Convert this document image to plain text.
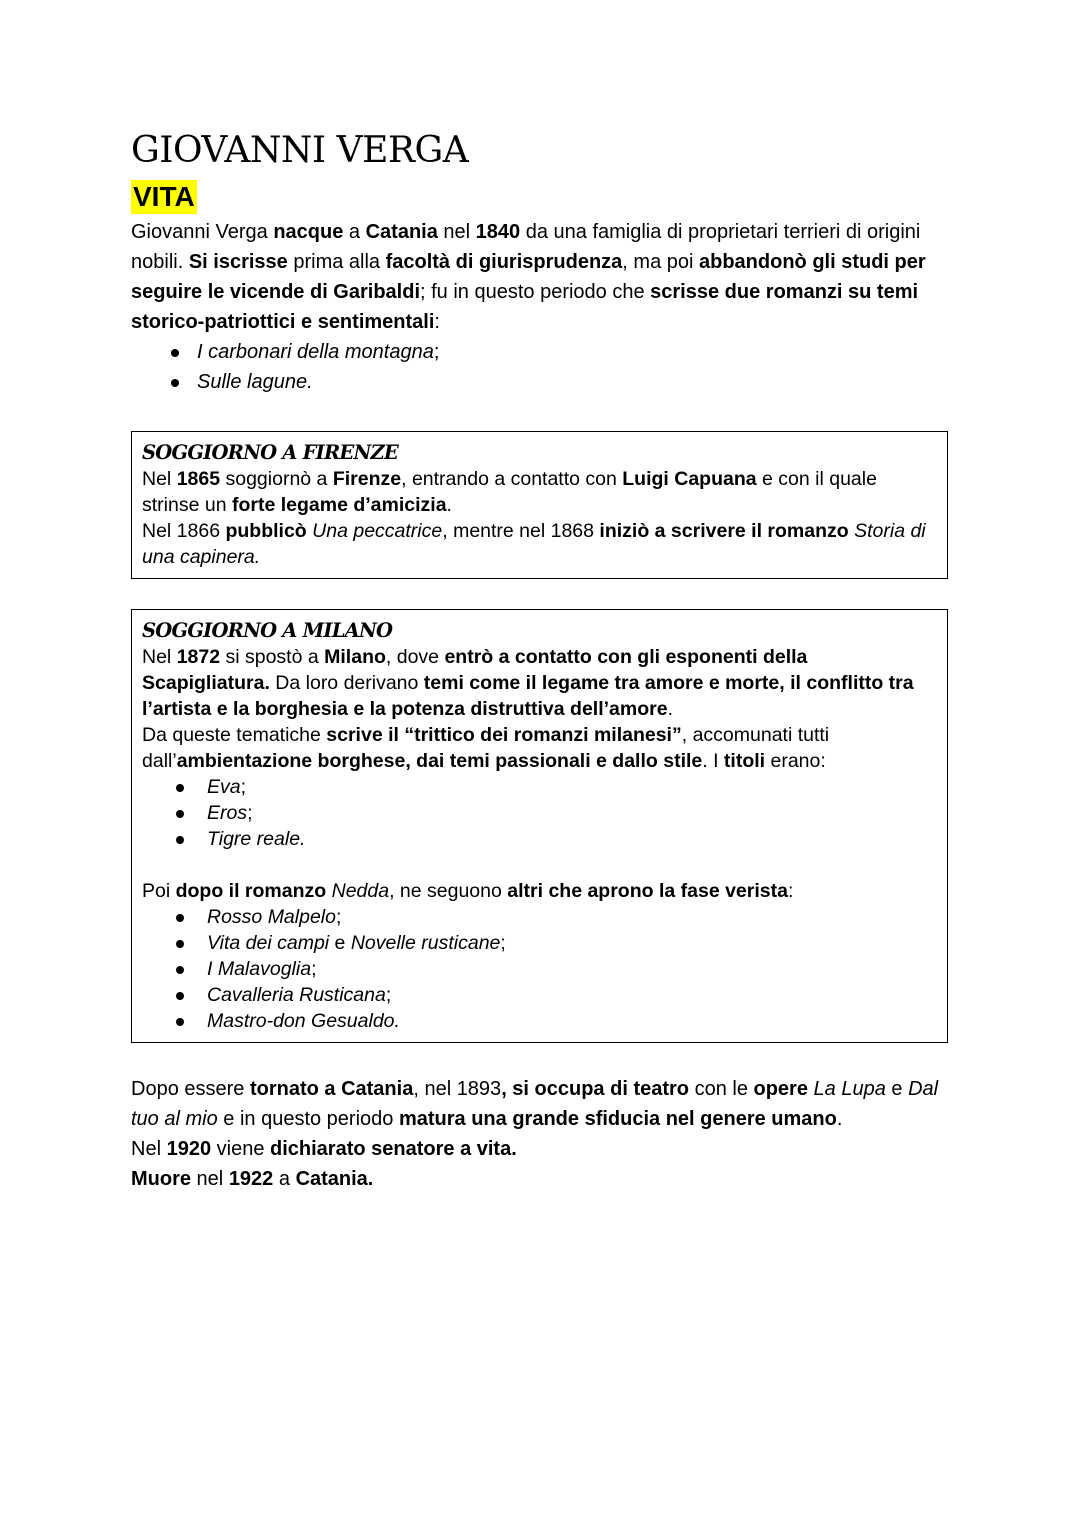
GIOVANNI VERGA
VITA

Giovanni Verga nacque a Catania nel 1840 da una famiglia di proprietari terrieri di origini nobili. Si iscrisse prima alla facoltà di giurisprudenza, ma poi abbandonò gli studi per seguire le vicende di Garibaldi; fu in questo periodo che scrisse due romanzi su temi storico-patriottici e sentimentali:

I carbonari della montagna;
Sulle lagune.
SOGGIORNO A FIRENZE

Nel 1865 soggiornò a Firenze, entrando a contatto con Luigi Capuana e con il quale strinse un forte legame d’amicizia.

Nel 1866 pubblicò Una peccatrice, mentre nel 1868 iniziò a scrivere il romanzo Storia di una capinera.

SOGGIORNO A MILANO

Nel 1872 si spostò a Milano, dove entrò a contatto con gli esponenti della Scapigliatura. Da loro derivano temi come il legame tra amore e morte, il conflitto tra l’artista e la borghesia e la potenza distruttiva dell’amore.

Da queste tematiche scrive il “trittico dei romanzi milanesi”, accomunati tutti dall’ambientazione borghese, dai temi passionali e dallo stile. I titoli erano:

Eva;
Eros;
Tigre reale.

Poi dopo il romanzo Nedda, ne seguono altri che aprono la fase verista:

Rosso Malpelo;
Vita dei campi e Novelle rusticane;
I Malavoglia;
Cavalleria Rusticana;
Mastro-don Gesualdo.

Dopo essere tornato a Catania, nel 1893, si occupa di teatro con le opere La Lupa e Dal tuo al mio e in questo periodo matura una grande sfiducia nel genere umano.

Nel 1920 viene dichiarato senatore a vita.

Muore nel 1922 a Catania.
